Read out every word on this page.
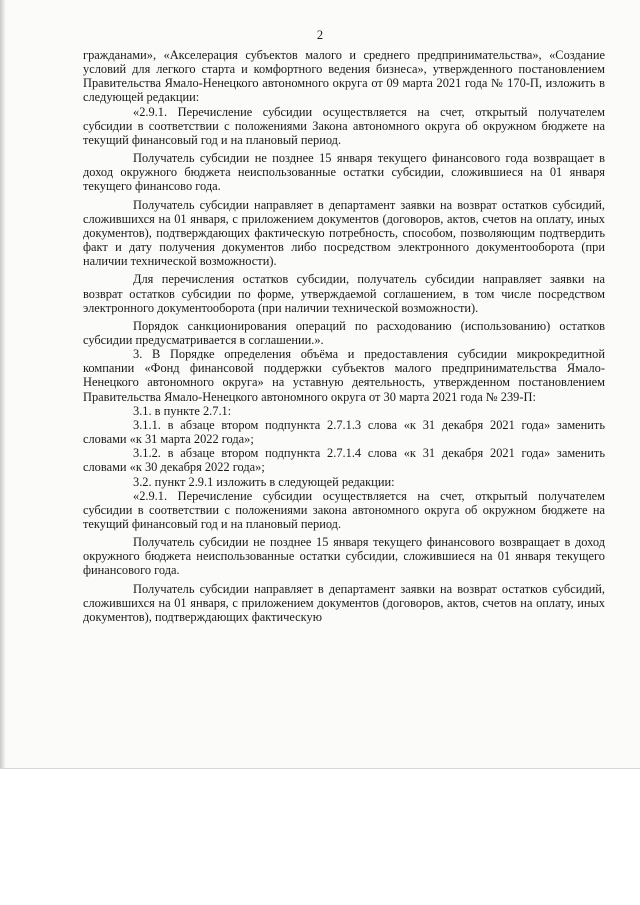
2

гражданами», «Акселерация субъектов малого и среднего предпринимательства», «Создание условий для легкого старта и комфортного ведения бизнеса», утвержденного постановлением Правительства Ямало-Ненецкого автономного округа от 09 марта 2021 года № 170-П, изложить в следующей редакции:

«2.9.1. Перечисление субсидии осуществляется на счет, открытый получателем субсидии в соответствии с положениями Закона автономного округа об окружном бюджете на текущий финансовый год и на плановый период.

Получатель субсидии не позднее 15 января текущего финансового года возвращает в доход окружного бюджета неиспользованные остатки субсидии, сложившиеся на 01 января текущего финансово года.

Получатель субсидии направляет в департамент заявки на возврат остатков субсидий, сложившихся на 01 января, с приложением документов (договоров, актов, счетов на оплату, иных документов), подтверждающих фактическую потребность, способом, позволяющим подтвердить факт и дату получения документов либо посредством электронного документооборота (при наличии технической возможности).

Для перечисления остатков субсидии, получатель субсидии направляет заявки на возврат остатков субсидии по форме, утверждаемой соглашением, в том числе посредством электронного документооборота (при наличии технической возможности).

Порядок санкционирования операций по расходованию (использованию) остатков субсидии предусматривается в соглашении.».

3. В Порядке определения объёма и предоставления субсидии микрокредитной компании «Фонд финансовой поддержки субъектов малого предпринимательства Ямало-Ненецкого автономного округа» на уставную деятельность, утвержденном постановлением Правительства Ямало-Ненецкого автономного округа от 30 марта 2021 года № 239-П:

3.1. в пункте 2.7.1:

3.1.1. в абзаце втором подпункта 2.7.1.3 слова «к 31 декабря 2021 года» заменить словами «к 31 марта 2022 года»;

3.1.2. в абзаце втором подпункта 2.7.1.4 слова «к 31 декабря 2021 года» заменить словами «к 30 декабря 2022 года»;

3.2. пункт 2.9.1 изложить в следующей редакции:

«2.9.1. Перечисление субсидии осуществляется на счет, открытый получателем субсидии в соответствии с положениями закона автономного округа об окружном бюджете на текущий финансовый год и на плановый период.

Получатель субсидии не позднее 15 января текущего финансового возвращает в доход окружного бюджета неиспользованные остатки субсидии, сложившиеся на 01 января текущего финансового года.

Получатель субсидии направляет в департамент заявки на возврат остатков субсидий, сложившихся на 01 января, с приложением документов (договоров, актов, счетов на оплату, иных документов), подтверждающих фактическую
